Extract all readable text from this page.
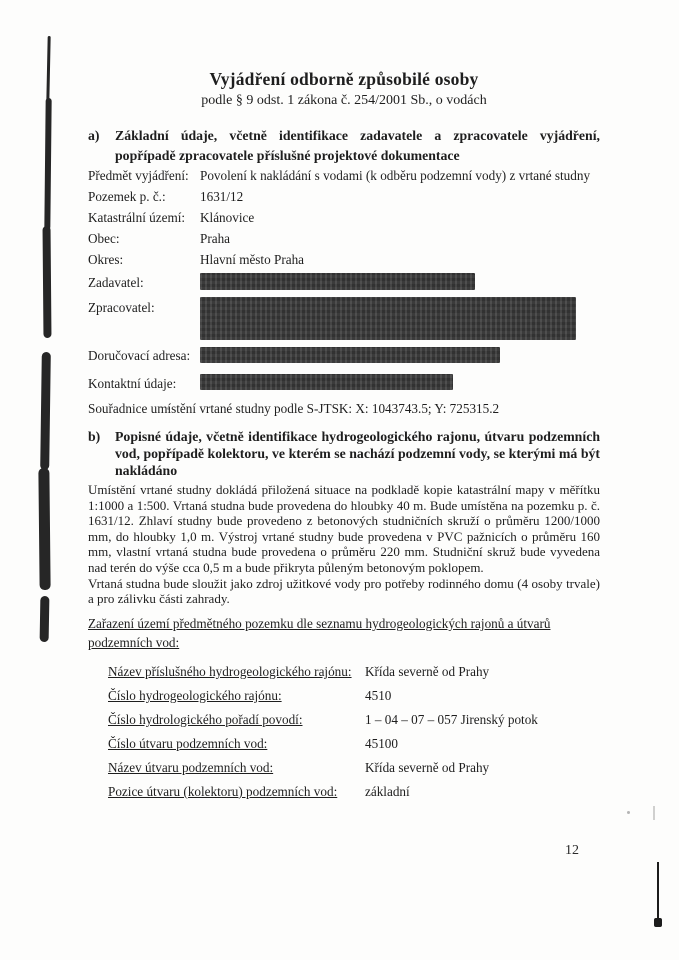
Vyjádření odborně způsobilé osoby
podle § 9 odst. 1 zákona č. 254/2001 Sb., o vodách
a)	Základní údaje, včetně identifikace zadavatele a zpracovatele vyjádření, popřípadě zpracovatele příslušné projektové dokumentace
Předmět vyjádření: Povolení k nakládání s vodami (k odběru podzemní vody) z vrtané studny
Pozemek p. č.:	1631/12
Katastrální území:	Klánovice
Obec:	Praha
Okres:	Hlavní město Praha
Zadavatel:
Zpracovatel:
Doručovací adresa:
Kontaktní údaje:
Souřadnice umístění vrtané studny podle S-JTSK: X: 1043743.5; Y: 725315.2
b)	Popisné údaje, včetně identifikace hydrogeologického rajonu, útvaru podzemních vod, popřípadě kolektoru, ve kterém se nachází podzemní vody, se kterými má být nakládáno

Umístění vrtané studny dokládá přiložená situace na podkladě kopie katastrální mapy v měřítku 1:1000 a 1:500. Vrtaná studna bude provedena do hloubky 40 m. Bude umístěna na pozemku p. č. 1631/12. Zhlaví studny bude provedeno z betonových studničních skruží o průměru 1200/1000 mm, do hloubky 1,0 m. Výstroj vrtané studny bude provedena v PVC pažnicích o průměru 160 mm, vlastní vrtaná studna bude provedena o průměru 220 mm. Studniční skruž bude vyvedena nad terén do výše cca 0,5 m a bude přikryta půleným betonovým poklopem.

Vrtaná studna bude sloužit jako zdroj užitkové vody pro potřeby rodinného domu (4 osoby trvale) a pro zálivku části zahrady.

Zařazení území předmětného pozemku dle seznamu hydrogeologických rajonů a útvarů podzemních vod:
Název příslušného hydrogeologického rajónu:	Křída severně od Prahy
Číslo hydrogeologického rajónu:	4510
Číslo hydrologického pořadí povodí:	1 – 04 – 07 – 057 Jirenský potok
Číslo útvaru podzemních vod:	45100
Název útvaru podzemních vod:	Křída severně od Prahy
Pozice útvaru (kolektoru) podzemních vod:	základní
12
